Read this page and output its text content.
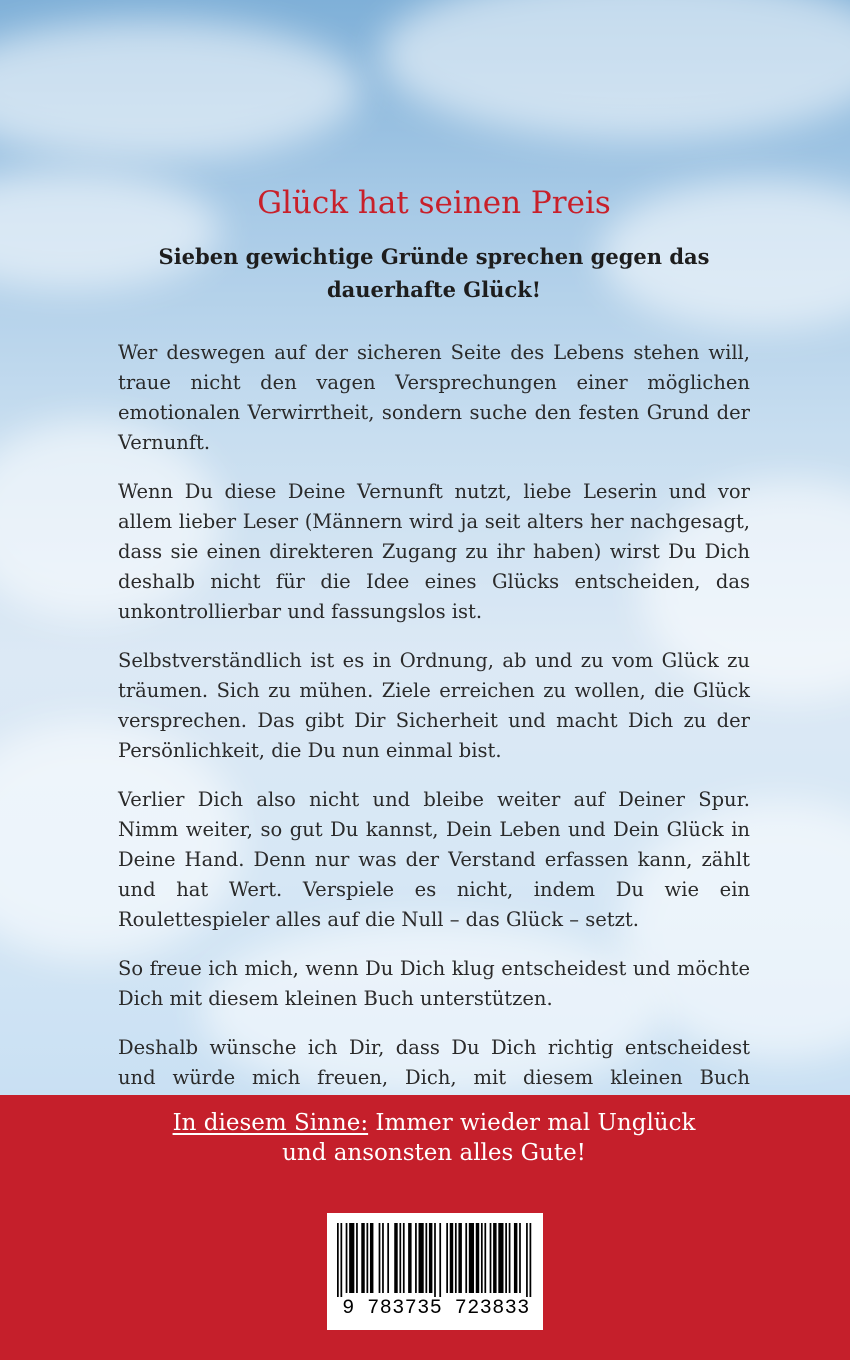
Glück hat seinen Preis
Sieben gewichtige Gründe sprechen gegen das
dauerhafte Glück!

Wer deswegen auf der sicheren Seite des Lebens stehen will, traue nicht den vagen Versprechungen einer möglichen emotionalen Verwirrtheit, sondern suche den festen Grund der Vernunft.

Wenn Du diese Deine Vernunft nutzt, liebe Leserin und vor allem lieber Leser (Männern wird ja seit alters her nachgesagt, dass sie einen direkteren Zugang zu ihr haben) wirst Du Dich deshalb nicht für die Idee eines Glücks entscheiden, das unkontrollierbar und fassungslos ist.

Selbstverständlich ist es in Ordnung, ab und zu vom Glück zu träumen. Sich zu mühen. Ziele erreichen zu wollen, die Glück versprechen. Das gibt Dir Sicherheit und macht Dich zu der Persönlichkeit, die Du nun einmal bist.

Verlier Dich also nicht und bleibe weiter auf Deiner Spur. Nimm weiter, so gut Du kannst, Dein Leben und Dein Glück in Deine Hand. Denn nur was der Verstand erfassen kann, zählt und hat Wert. Verspiele es nicht, indem Du wie ein Roulettespieler alles auf die Null – das Glück – setzt.

So freue ich mich, wenn Du Dich klug entscheidest und möchte Dich mit diesem kleinen Buch unterstützen.

Deshalb wünsche ich Dir, dass Du Dich richtig entscheidest und würde mich freuen, Dich, mit diesem kleinen Buch

In diesem Sinne: Immer wieder mal Unglück
und ansonsten alles Gute!
9 783735 723833
